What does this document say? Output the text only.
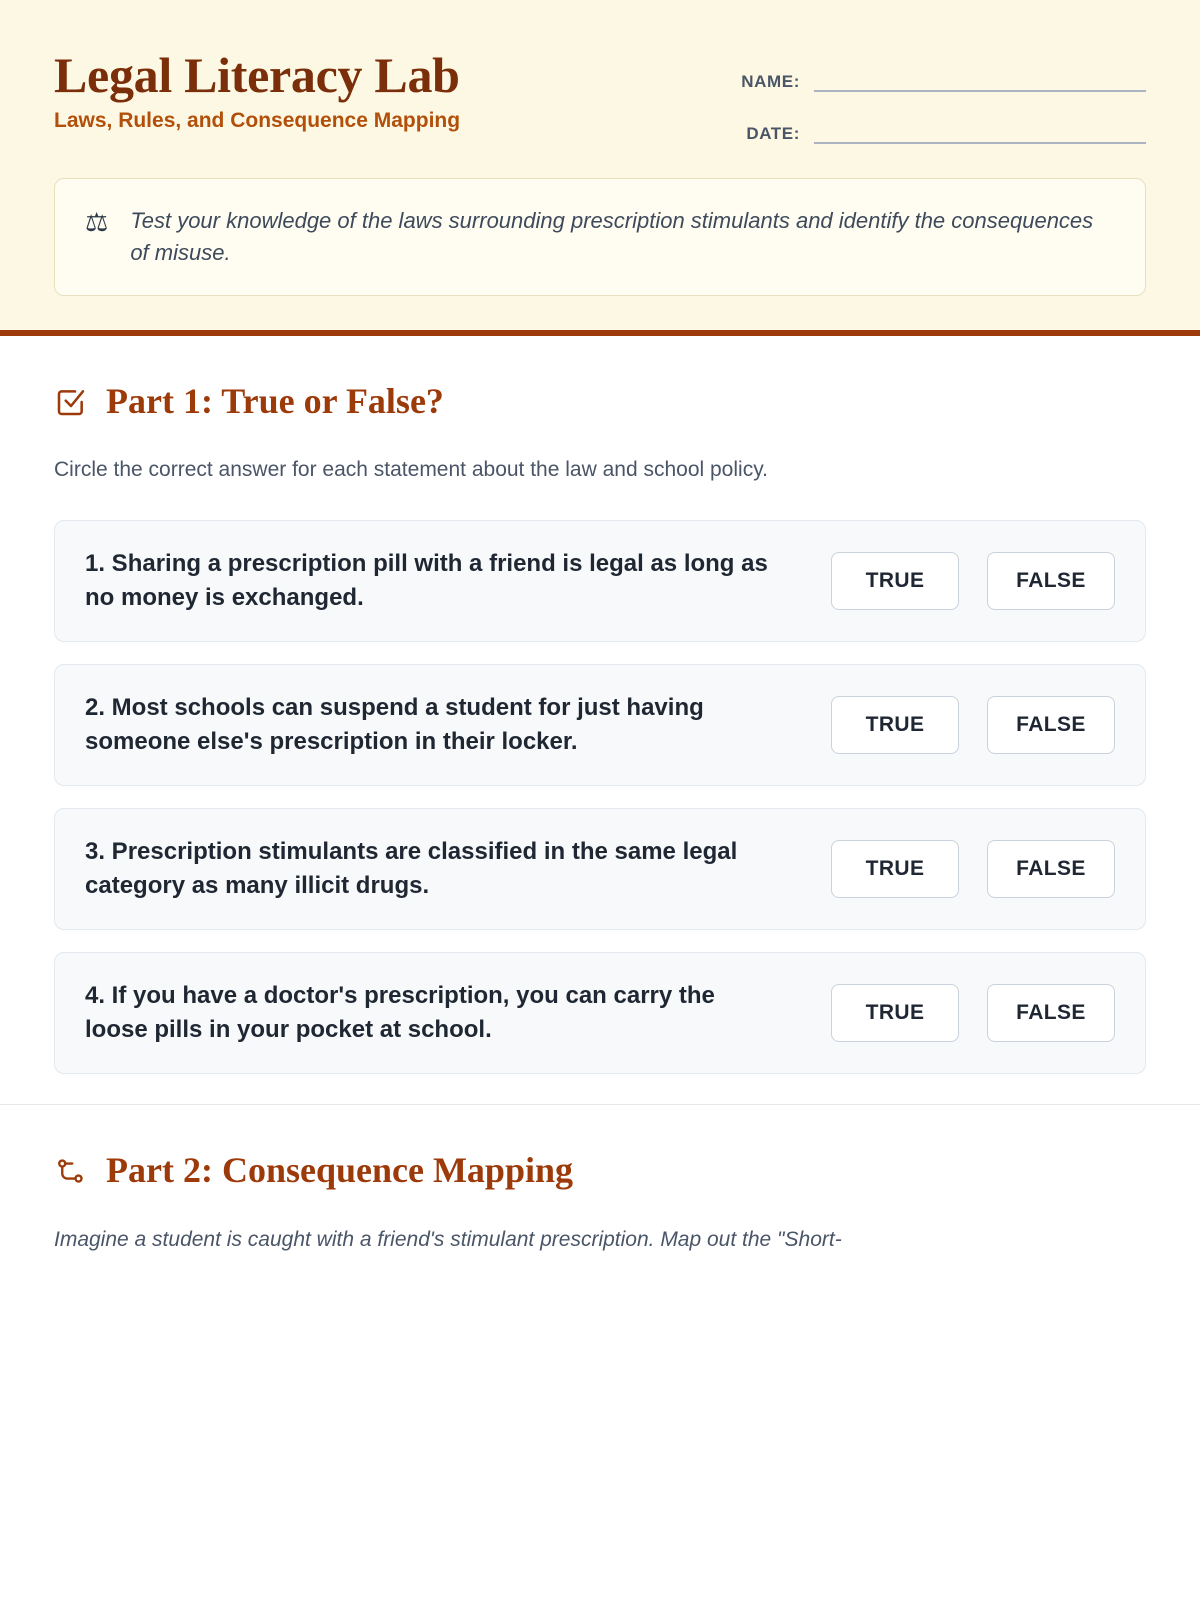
Legal Literacy Lab

Laws, Rules, and Consequence Mapping

NAME:
DATE:
⚖ Test your knowledge of the laws surrounding prescription stimulants and identify the consequences of misuse.

Part 1: True or False?

Circle the correct answer for each statement about the law and school policy.

1. Sharing a prescription pill with a friend is legal as long as no money is exchanged.
TRUE	FALSE
2. Most schools can suspend a student for just having someone else's prescription in their locker.
TRUE	FALSE
3. Prescription stimulants are classified in the same legal category as many illicit drugs.
TRUE	FALSE
4. If you have a doctor's prescription, you can carry the loose pills in your pocket at school.
TRUE	FALSE
Part 2: Consequence Mapping

Imagine a student is caught with a friend's stimulant prescription. Map out the "Short-
